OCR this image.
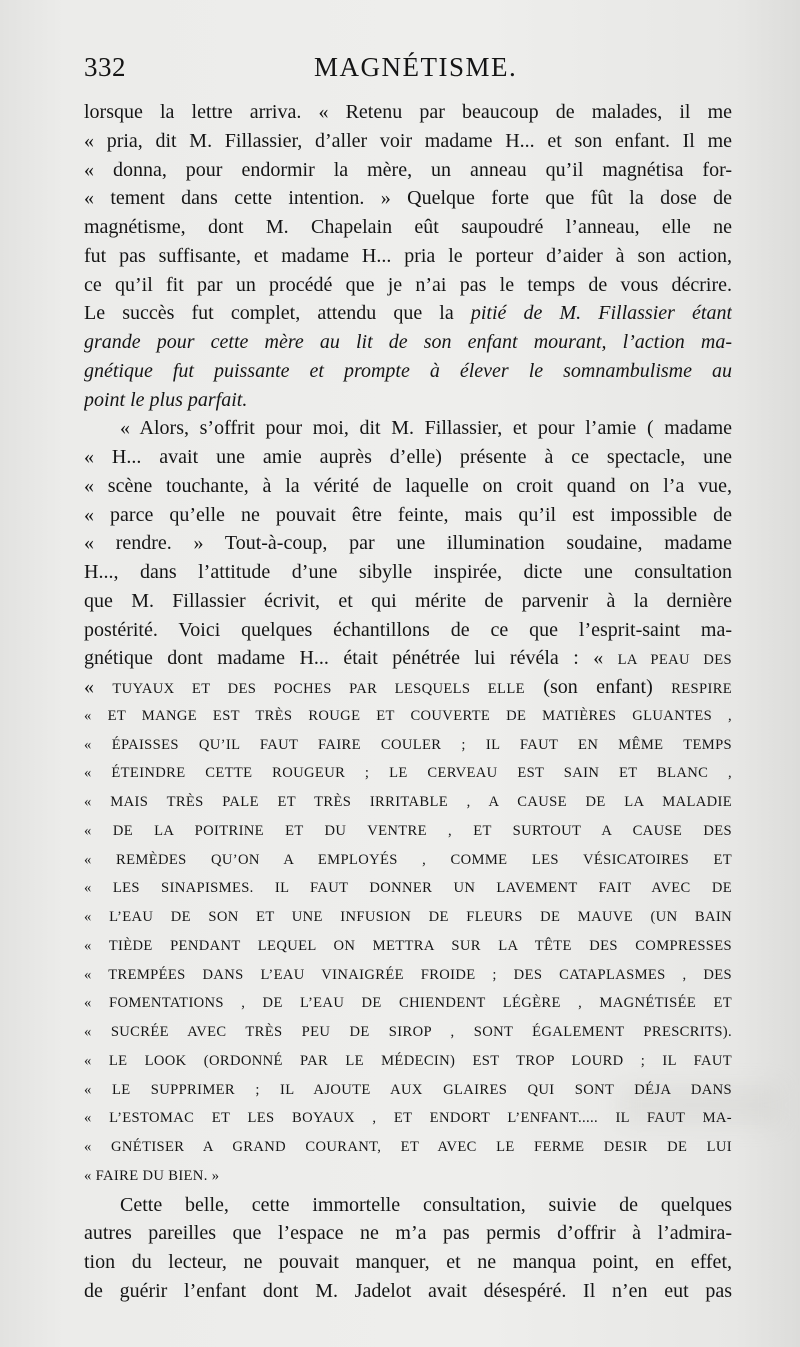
332	MAGNÉTISME.
lorsque la lettre arriva. « Retenu par beaucoup de malades, il me
« pria, dit M. Fillassier, d’aller voir madame H... et son enfant. Il me
« donna, pour endormir la mère, un anneau qu’il magnétisa for-
« tement dans cette intention. » Quelque forte que fût la dose de
magnétisme, dont M. Chapelain eût saupoudré l’anneau, elle ne
fut pas suffisante, et madame H... pria le porteur d’aider à son action,
ce qu’il fit par un procédé que je n’ai pas le temps de vous décrire.
Le succès fut complet, attendu que la pitié de M. Fillassier étant
grande pour cette mère au lit de son enfant mourant, l’action ma-
gnétique fut puissante et prompte à élever le somnambulisme au
point le plus parfait.
« Alors, s’offrit pour moi, dit M. Fillassier, et pour l’amie ( madame
« H... avait une amie auprès d’elle) présente à ce spectacle, une
« scène touchante, à la vérité de laquelle on croit quand on l’a vue,
« parce qu’elle ne pouvait être feinte, mais qu’il est impossible de
« rendre. » Tout-à-coup, par une illumination soudaine, madame
H..., dans l’attitude d’une sibylle inspirée, dicte une consultation
que M. Fillassier écrivit, et qui mérite de parvenir à la dernière
postérité. Voici quelques échantillons de ce que l’esprit-saint ma-
gnétique dont madame H... était pénétrée lui révéla : « LA PEAU DES
« TUYAUX ET DES POCHES PAR LESQUELS ELLE (son enfant) RESPIRE
« ET MANGE EST TRÈS ROUGE ET COUVERTE DE MATIÈRES GLUANTES ,
« ÉPAISSES QU’IL FAUT FAIRE COULER ; IL FAUT EN MÊME TEMPS
« ÉTEINDRE CETTE ROUGEUR ; LE CERVEAU EST SAIN ET BLANC ,
« MAIS TRÈS PALE ET TRÈS IRRITABLE , A CAUSE DE LA MALADIE
« DE LA POITRINE ET DU VENTRE , ET SURTOUT A CAUSE DES
« REMÈDES QU’ON A EMPLOYÉS , COMME LES VÉSICATOIRES ET
« LES SINAPISMES. IL FAUT DONNER UN LAVEMENT FAIT AVEC DE
« L’EAU DE SON ET UNE INFUSION DE FLEURS DE MAUVE (UN BAIN
« TIÈDE PENDANT LEQUEL ON METTRA SUR LA TÊTE DES COMPRESSES
« TREMPÉES DANS L’EAU VINAIGRÉE FROIDE ; DES CATAPLASMES , DES
« FOMENTATIONS , DE L’EAU DE CHIENDENT LÉGÈRE , MAGNÉTISÉE ET
« SUCRÉE AVEC TRÈS PEU DE SIROP , SONT ÉGALEMENT PRESCRITS).
« LE LOOK (ORDONNÉ PAR LE MÉDECIN) EST TROP LOURD ; IL FAUT
« LE SUPPRIMER ; IL AJOUTE AUX GLAIRES QUI SONT DÉJA DANS
« L’ESTOMAC ET LES BOYAUX , ET ENDORT L’ENFANT..... IL FAUT MA-
« GNÉTISER A GRAND COURANT, ET AVEC LE FERME DESIR DE LUI
« FAIRE DU BIEN. »
Cette belle, cette immortelle consultation, suivie de quelques
autres pareilles que l’espace ne m’a pas permis d’offrir à l’admira-
tion du lecteur, ne pouvait manquer, et ne manqua point, en effet,
de guérir l’enfant dont M. Jadelot avait désespéré. Il n’en eut pas
